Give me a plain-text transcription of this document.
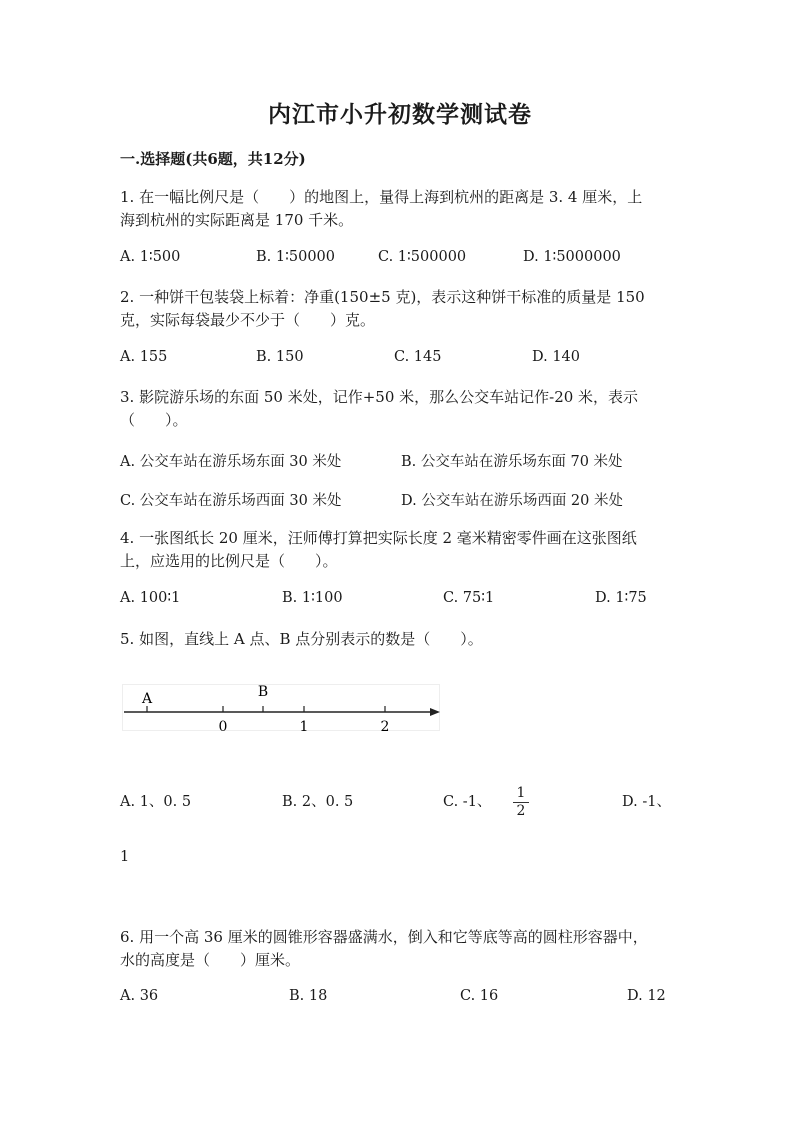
内江市小升初数学测试卷
一.选择题(共6题，共12分)
1. 在一幅比例尺是（　　）的地图上，量得上海到杭州的距离是 3. 4 厘米，上
海到杭州的实际距离是 170 千米。
A. 1∶500	B. 1∶50000	C. 1∶500000	D. 1∶5000000
2. 一种饼干包装袋上标着：净重(150±5 克)，表示这种饼干标准的质量是 150
克，实际每袋最少不少于（　　）克。
A. 155	B. 150	C. 145	D. 140
3. 影院游乐场的东面 50 米处，记作+50 米，那么公交车站记作-20 米，表示
（　　）。
A. 公交车站在游乐场东面 30 米处	B. 公交车站在游乐场东面 70 米处
C. 公交车站在游乐场西面 30 米处	D. 公交车站在游乐场西面 20 米处
4. 一张图纸长 20 厘米，汪师傅打算把实际长度 2 毫米精密零件画在这张图纸
上，应选用的比例尺是（　　）。
A. 100∶1	B. 1∶100	C. 75∶1	D. 1∶75
5. 如图，直线上 A 点、B 点分别表示的数是（　　）。
A	B
0	1	2
A. 1、0. 5	B. 2、0. 5	C. -1、
1
2
D. -1、
1
6. 用一个高 36 厘米的圆锥形容器盛满水，倒入和它等底等高的圆柱形容器中，
水的高度是（　　）厘米。
A. 36	B. 18	C. 16	D. 12
